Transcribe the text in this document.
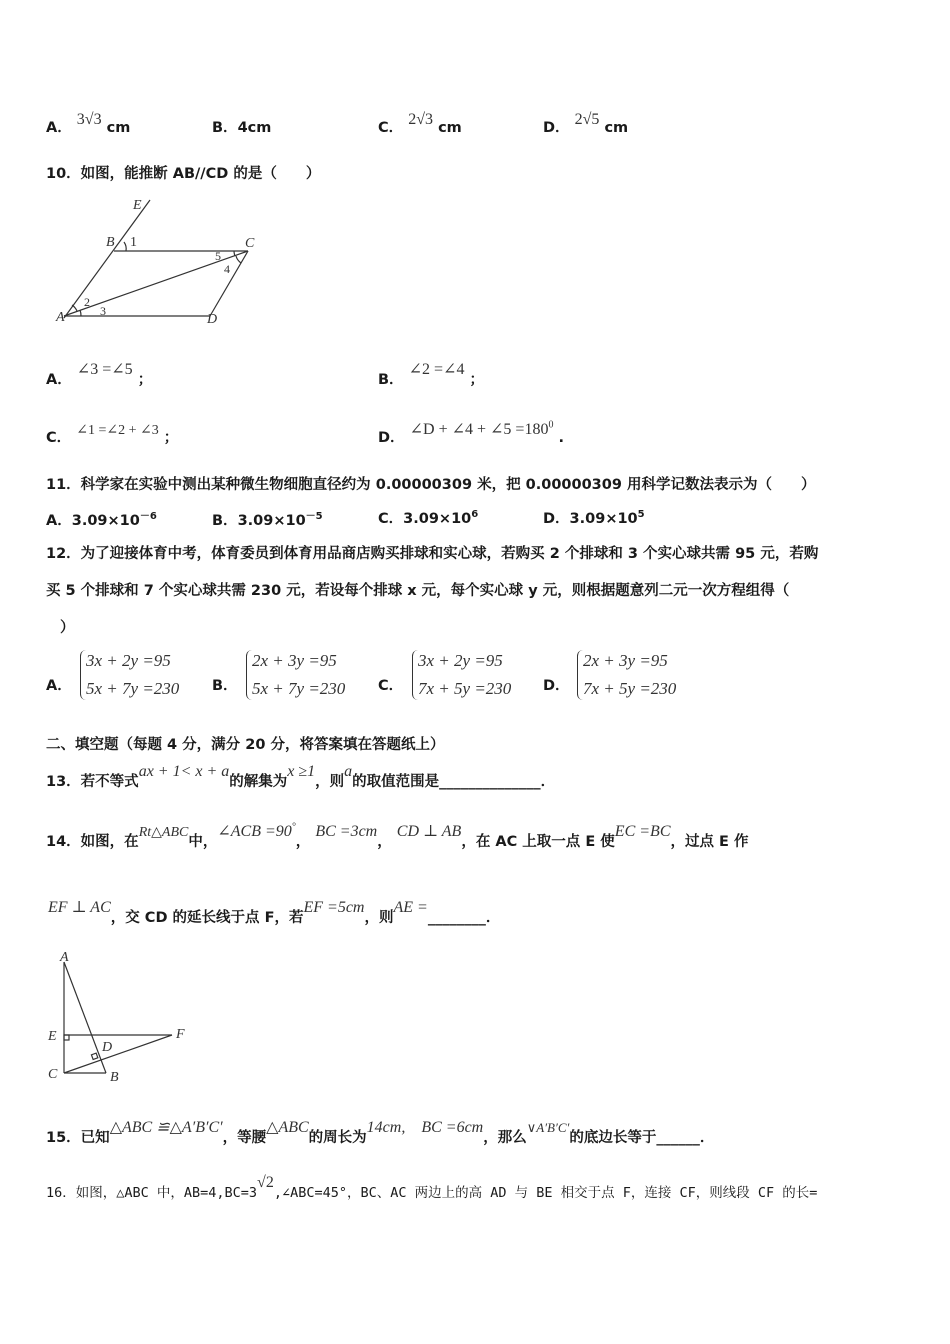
A． 3√3 cm	B．4cm	C． 2√3 cm	D． 2√5 cm
10．如图，能推断 AB//CD 的是（　　）
E
B 1	C
5
4
2
3
A	D
A． ∠3 =∠5 ；	B． ∠2 =∠4 ；
C． ∠1 =∠2 + ∠3 ；	D． ∠D + ∠4 + ∠5 $=180^0$ .
11．科学家在实验中测出某种微生物细胞直径约为 0.00000309 米，把 0.00000309 用科学记数法表示为（　　）
A．$3.09\times 10^{-6}$	B．$3.09\times 10^{-5}$	C．$3.09\times 10^6$	D．$3.09\times 10^5$
12．为了迎接体育中考，体育委员到体育用品商店购买排球和实心球，若购买 2 个排球和 3 个实心球共需 95 元，若购
买 5 个排球和 7 个实心球共需 230 元，若设每个排球 x 元，每个实心球 y 元，则根据题意列二元一次方程组得（
）
A．
3x + 2y =95
5x + 7y =230 B．
2x + 3y =95
5x + 7y =230 C．
3x + 2y =95
7x + 5y =230 D．
2x + 3y =95
7x + 5y =230
二、填空题（每题 4 分，满分 20 分，将答案填在答题纸上）
13．若不等式ax + 1< x + a的解集为x ≥1，则a的取值范围是______________．
14．如图，在Rt△ABC中，∠ACB =90°， BC =3cm， CD ⊥ AB，在 AC 上取一点 E 使EC =BC，过点 E 作
EF ⊥ AC，交 CD 的延长线于点 F，若EF =5cm，则AE =________．
A
E	F
D
C	B
15．已知△ABC ≌△A′B′C′，等腰△ABC的周长为14cm,　BC =6cm，那么∨A′B′C′的底边长等于______．
16．如图，△ABC 中，AB=4,BC=3√2,∠ABC=45°，BC、AC 两边上的高 AD 与 BE 相交于点 F，连接 CF，则线段 CF 的长=
